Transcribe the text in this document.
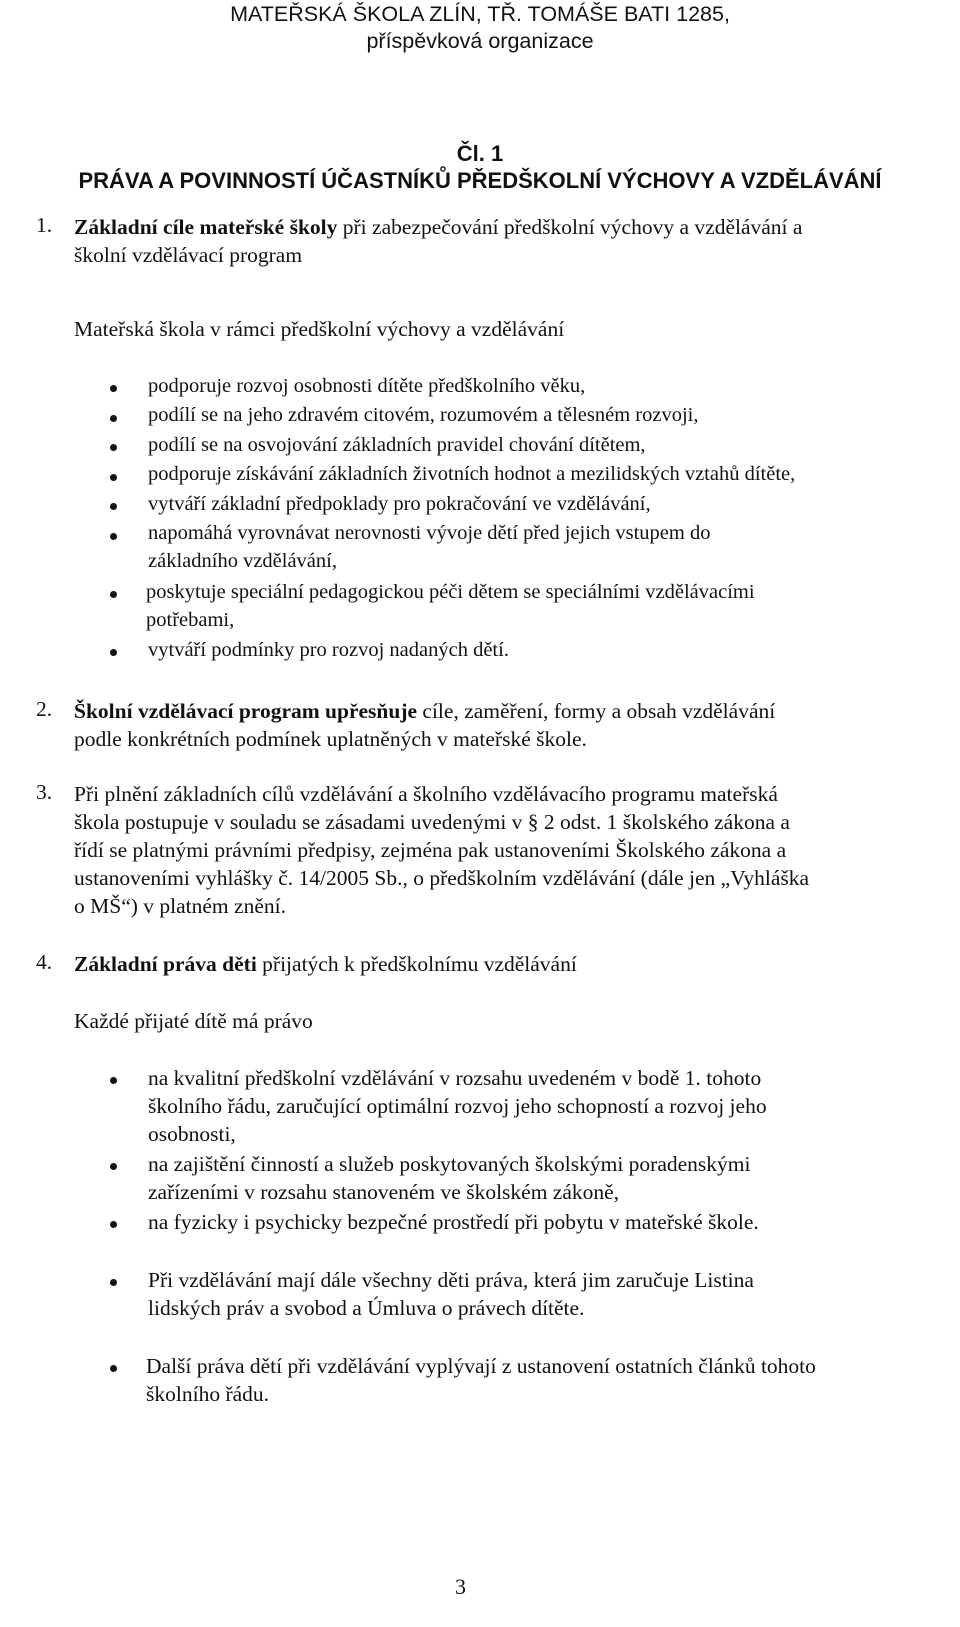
MATEŘSKÁ ŠKOLA ZLÍN, TŘ. TOMÁŠE BATI 1285,
příspěvková organizace
Čl. 1
PRÁVA A POVINNOSTÍ ÚČASTNÍKŮ PŘEDŠKOLNÍ VÝCHOVY A VZDĚLÁVÁNÍ
1. Základní cíle mateřské školy při zabezpečování předškolní výchovy a vzdělávání a
školní vzdělávací program
Mateřská škola v rámci předškolní výchovy a vzdělávání
podporuje rozvoj osobnosti dítěte předškolního věku,
podílí se na jeho zdravém citovém, rozumovém a tělesném rozvoji,
podílí se na osvojování základních pravidel chování dítětem,
podporuje získávání základních životních hodnot a mezilidských vztahů dítěte,
vytváří základní předpoklady pro pokračování ve vzdělávání,
napomáhá vyrovnávat nerovnosti vývoje dětí před jejich vstupem do
základního vzdělávání,
poskytuje speciální pedagogickou péči dětem se speciálními vzdělávacími
potřebami,
vytváří podmínky pro rozvoj nadaných dětí.
2. Školní vzdělávací program upřesňuje cíle, zaměření, formy a obsah vzdělávání
podle konkrétních podmínek uplatněných v mateřské škole.
3. Při plnění základních cílů vzdělávání a školního vzdělávacího programu mateřská
škola postupuje v souladu se zásadami uvedenými v § 2 odst. 1 školského zákona a
řídí se platnými právními předpisy, zejména pak ustanoveními Školského zákona a
ustanoveními vyhlášky č. 14/2005 Sb., o předškolním vzdělávání (dále jen „Vyhláška
o MŠ“) v platném znění.
4. Základní práva děti přijatých k předškolnímu vzdělávání
Každé přijaté dítě má právo
na kvalitní předškolní vzdělávání v rozsahu uvedeném v bodě 1. tohoto
školního řádu, zaručující optimální rozvoj jeho schopností a rozvoj jeho
osobnosti,
na zajištění činností a služeb poskytovaných školskými poradenskými
zařízeními v rozsahu stanoveném ve školském zákoně,
na fyzicky i psychicky bezpečné prostředí při pobytu v mateřské škole.
Při vzdělávání mají dále všechny děti práva, která jim zaručuje Listina
lidských práv a svobod a Úmluva o právech dítěte.
Další práva dětí při vzdělávání vyplývají z ustanovení ostatních článků tohoto
školního řádu.
3
